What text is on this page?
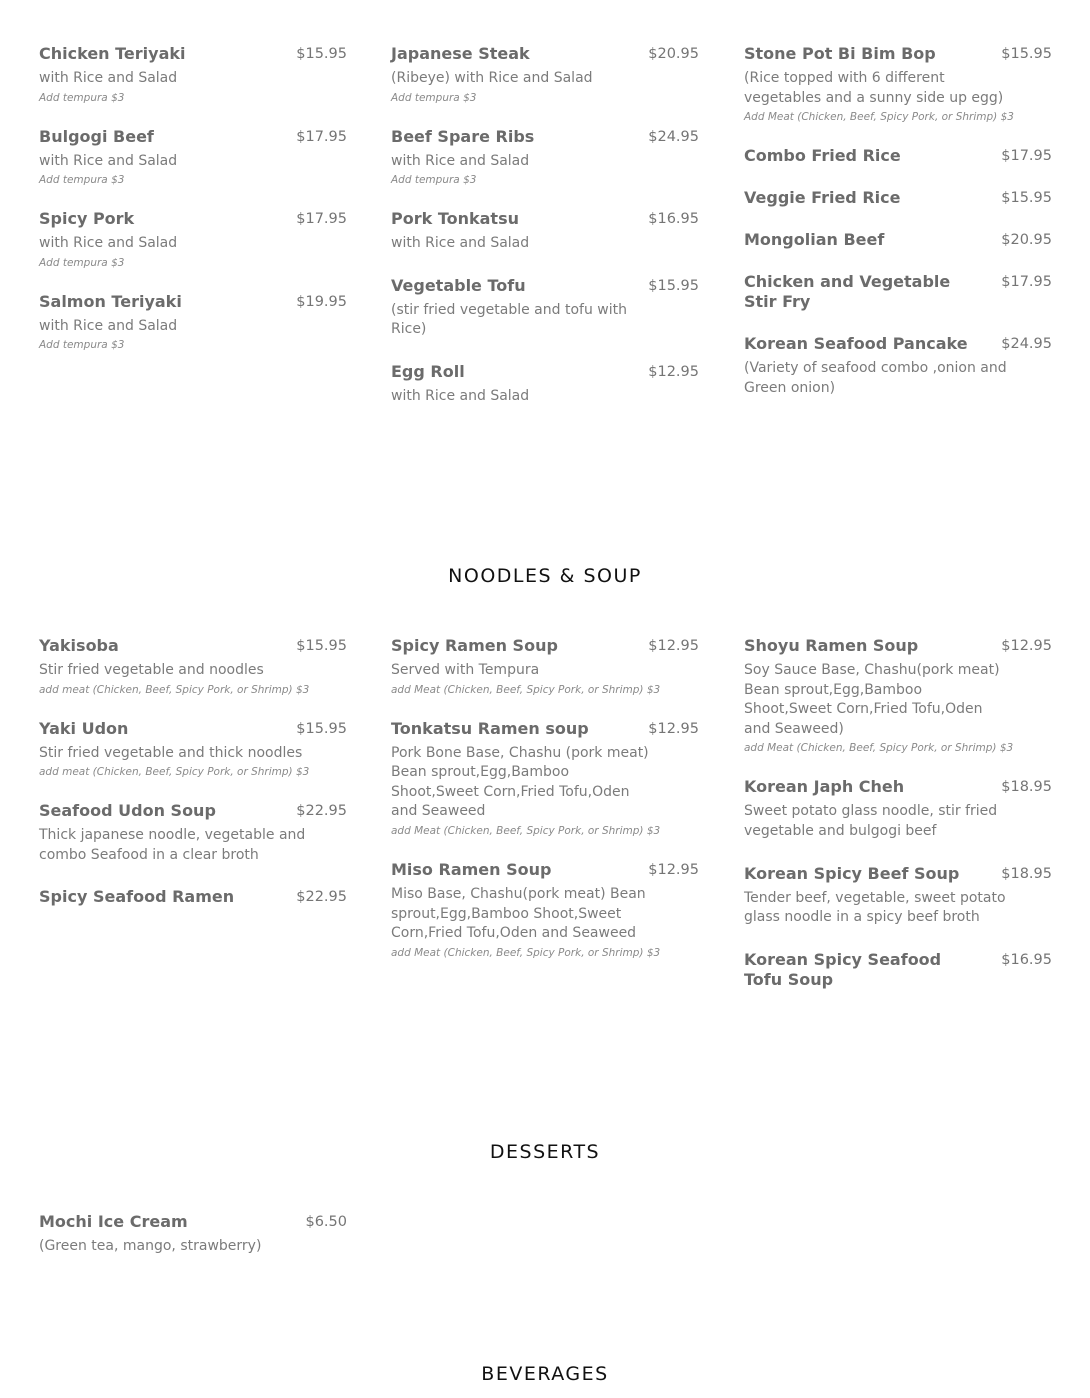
Chicken Teriyaki	$15.95
with Rice and Salad
Add tempura $3
Bulgogi Beef	$17.95
with Rice and Salad
Add tempura $3
Spicy Pork	$17.95
with Rice and Salad
Add tempura $3
Salmon Teriyaki	$19.95
with Rice and Salad
Add tempura $3
Japanese Steak	$20.95
(Ribeye) with Rice and Salad
Add tempura $3
Beef Spare Ribs	$24.95
with Rice and Salad
Add tempura $3
Pork Tonkatsu	$16.95
with Rice and Salad
Vegetable Tofu	$15.95
(stir fried vegetable and tofu with Rice)
Egg Roll	$12.95
with Rice and Salad
Stone Pot Bi Bim Bop	$15.95
(Rice topped with 6 different vegetables and a sunny side up egg)
Add Meat (Chicken, Beef, Spicy Pork, or Shrimp) $3
Combo Fried Rice	$17.95
Veggie Fried Rice	$15.95
Mongolian Beef	$20.95
Chicken and Vegetable Stir Fry
$17.95
Korean Seafood Pancake	$24.95
(Variety of seafood combo ,onion and Green onion)
NOODLES & SOUP
Yakisoba	$15.95
Stir fried vegetable and noodles
add meat (Chicken, Beef, Spicy Pork, or Shrimp) $3
Yaki Udon	$15.95
Stir fried vegetable and thick noodles
add meat (Chicken, Beef, Spicy Pork, or Shrimp) $3
Seafood Udon Soup	$22.95
Thick japanese noodle, vegetable and combo Seafood in a clear broth
Spicy Seafood Ramen	$22.95
Spicy Ramen Soup	$12.95
Served with Tempura
add Meat (Chicken, Beef, Spicy Pork, or Shrimp) $3
Tonkatsu Ramen soup	$12.95
Pork Bone Base, Chashu (pork meat) Bean sprout,Egg,Bamboo Shoot,Sweet Corn,Fried Tofu,Oden and Seaweed
add Meat (Chicken, Beef, Spicy Pork, or Shrimp) $3
Miso Ramen Soup	$12.95
Miso Base, Chashu(pork meat) Bean sprout,Egg,Bamboo Shoot,Sweet Corn,Fried Tofu,Oden and Seaweed
add Meat (Chicken, Beef, Spicy Pork, or Shrimp) $3
Shoyu Ramen Soup	$12.95
Soy Sauce Base, Chashu(pork meat) Bean sprout,Egg,Bamboo Shoot,Sweet Corn,Fried Tofu,Oden and Seaweed)
add Meat (Chicken, Beef, Spicy Pork, or Shrimp) $3
Korean Japh Cheh	$18.95
Sweet potato glass noodle, stir fried vegetable and bulgogi beef
Korean Spicy Beef Soup	$18.95
Tender beef, vegetable, sweet potato glass noodle in a spicy beef broth
Korean Spicy Seafood Tofu Soup
$16.95
DESSERTS
Mochi Ice Cream	$6.50
(Green tea, mango, strawberry)
BEVERAGES
